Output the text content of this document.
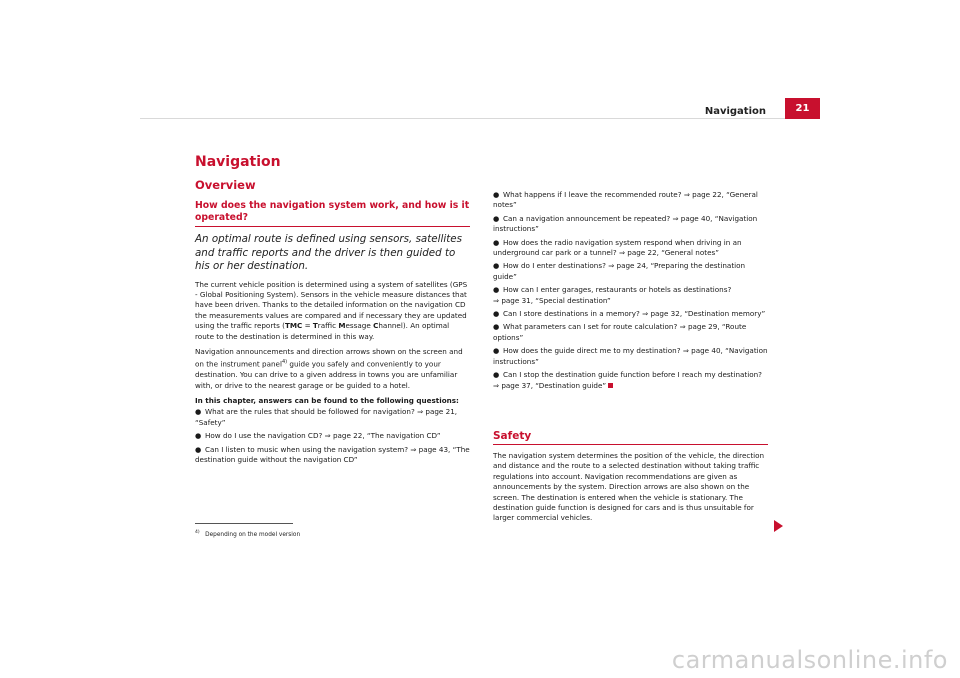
Navigation	21
Navigation
Overview
How does the navigation system work, and how is it operated?
An optimal route is defined using sensors, satellites and traffic reports and the driver is then guided to his or her destination.
The current vehicle position is determined using a system of satellites (GPS - Global Positioning System). Sensors in the vehicle measure distances that have been driven. Thanks to the detailed information on the navigation CD the measurements values are compared and if necessary they are updated using the traffic reports (TMC = Traffic Message Channel). An optimal route to the destination is determined in this way.
Navigation announcements and direction arrows shown on the screen and on the instrument panel$^{4)}$ guide you safely and conveniently to your destination. You can drive to a given address in towns you are unfamiliar with, or drive to the nearest garage or be guided to a hotel.
In this chapter, answers can be found to the following questions:
● What are the rules that should be followed for navigation? ⇒ page 21, “Safety”
● How do I use the navigation CD? ⇒ page 22, “The navigation CD”
● Can I listen to music when using the navigation system? ⇒ page 43, “The destination guide without the navigation CD”
$^{4)}$ Depending on the model version
● What happens if I leave the recommended route? ⇒ page 22, “General notes”
● Can a navigation announcement be repeated? ⇒ page 40, “Navigation instructions”
● How does the radio navigation system respond when driving in an underground car park or a tunnel? ⇒ page 22, “General notes”
● How do I enter destinations? ⇒ page 24, “Preparing the destination guide”
● How can I enter garages, restaurants or hotels as destinations?
⇒ page 31, “Special destination”
● Can I store destinations in a memory? ⇒ page 32, “Destination memory”
● What parameters can I set for route calculation? ⇒ page 29, “Route options”
● How does the guide direct me to my destination? ⇒ page 40, “Navigation instructions”
● Can I stop the destination guide function before I reach my destination?
⇒ page 37, “Destination guide”
Safety
The navigation system determines the position of the vehicle, the direction and distance and the route to a selected destination without taking traffic regulations into account. Navigation recommendations are given as announcements by the system. Direction arrows are also shown on the screen. The destination is entered when the vehicle is stationary. The destination guide function is designed for cars and is thus unsuitable for larger commercial vehicles.
carmanualsonline.info
